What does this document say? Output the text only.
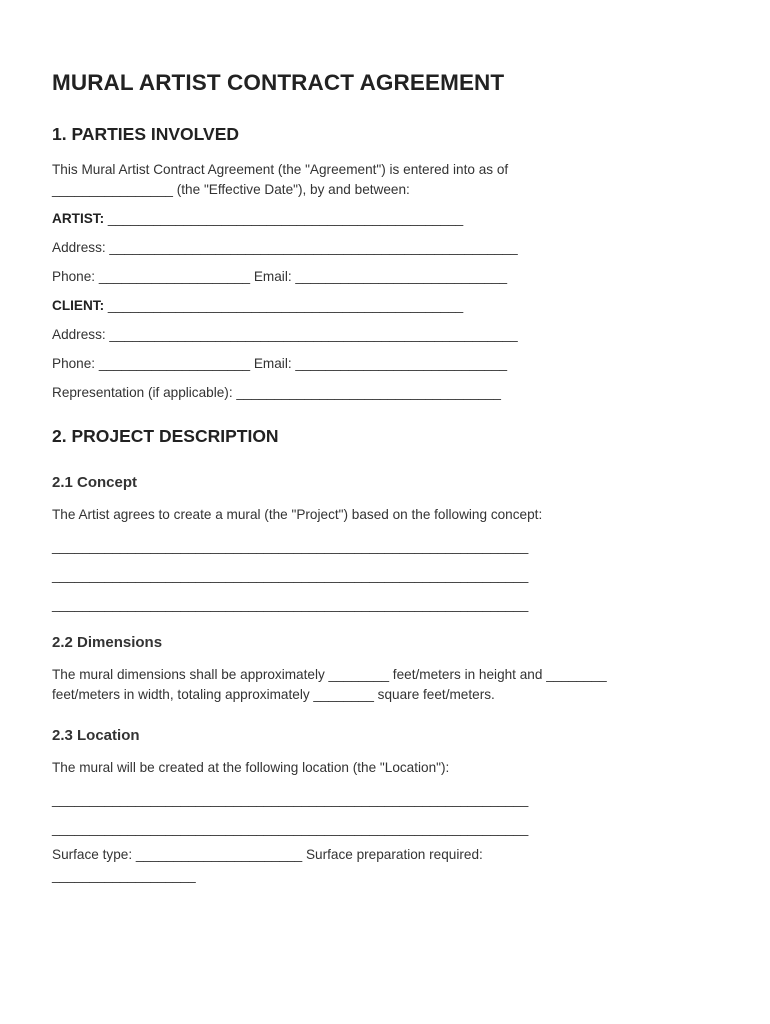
MURAL ARTIST CONTRACT AGREEMENT
1. PARTIES INVOLVED

This Mural Artist Contract Agreement (the "Agreement") is entered into as of

________________ (the "Effective Date"), by and between:

ARTIST: _______________________________________________

Address: ______________________________________________________

Phone: ____________________ Email: ____________________________

CLIENT: _______________________________________________

Address: ______________________________________________________

Phone: ____________________ Email: ____________________________

Representation (if applicable): ___________________________________

2. PROJECT DESCRIPTION
2.1 Concept

The Artist agrees to create a mural (the "Project") based on the following concept:

_______________________________________________________________

_______________________________________________________________

_______________________________________________________________

2.2 Dimensions

The mural dimensions shall be approximately ________ feet/meters in height and ________

feet/meters in width, totaling approximately ________ square feet/meters.

2.3 Location

The mural will be created at the following location (the "Location"):

_______________________________________________________________

_______________________________________________________________

Surface type: ______________________ Surface preparation required:

___________________
